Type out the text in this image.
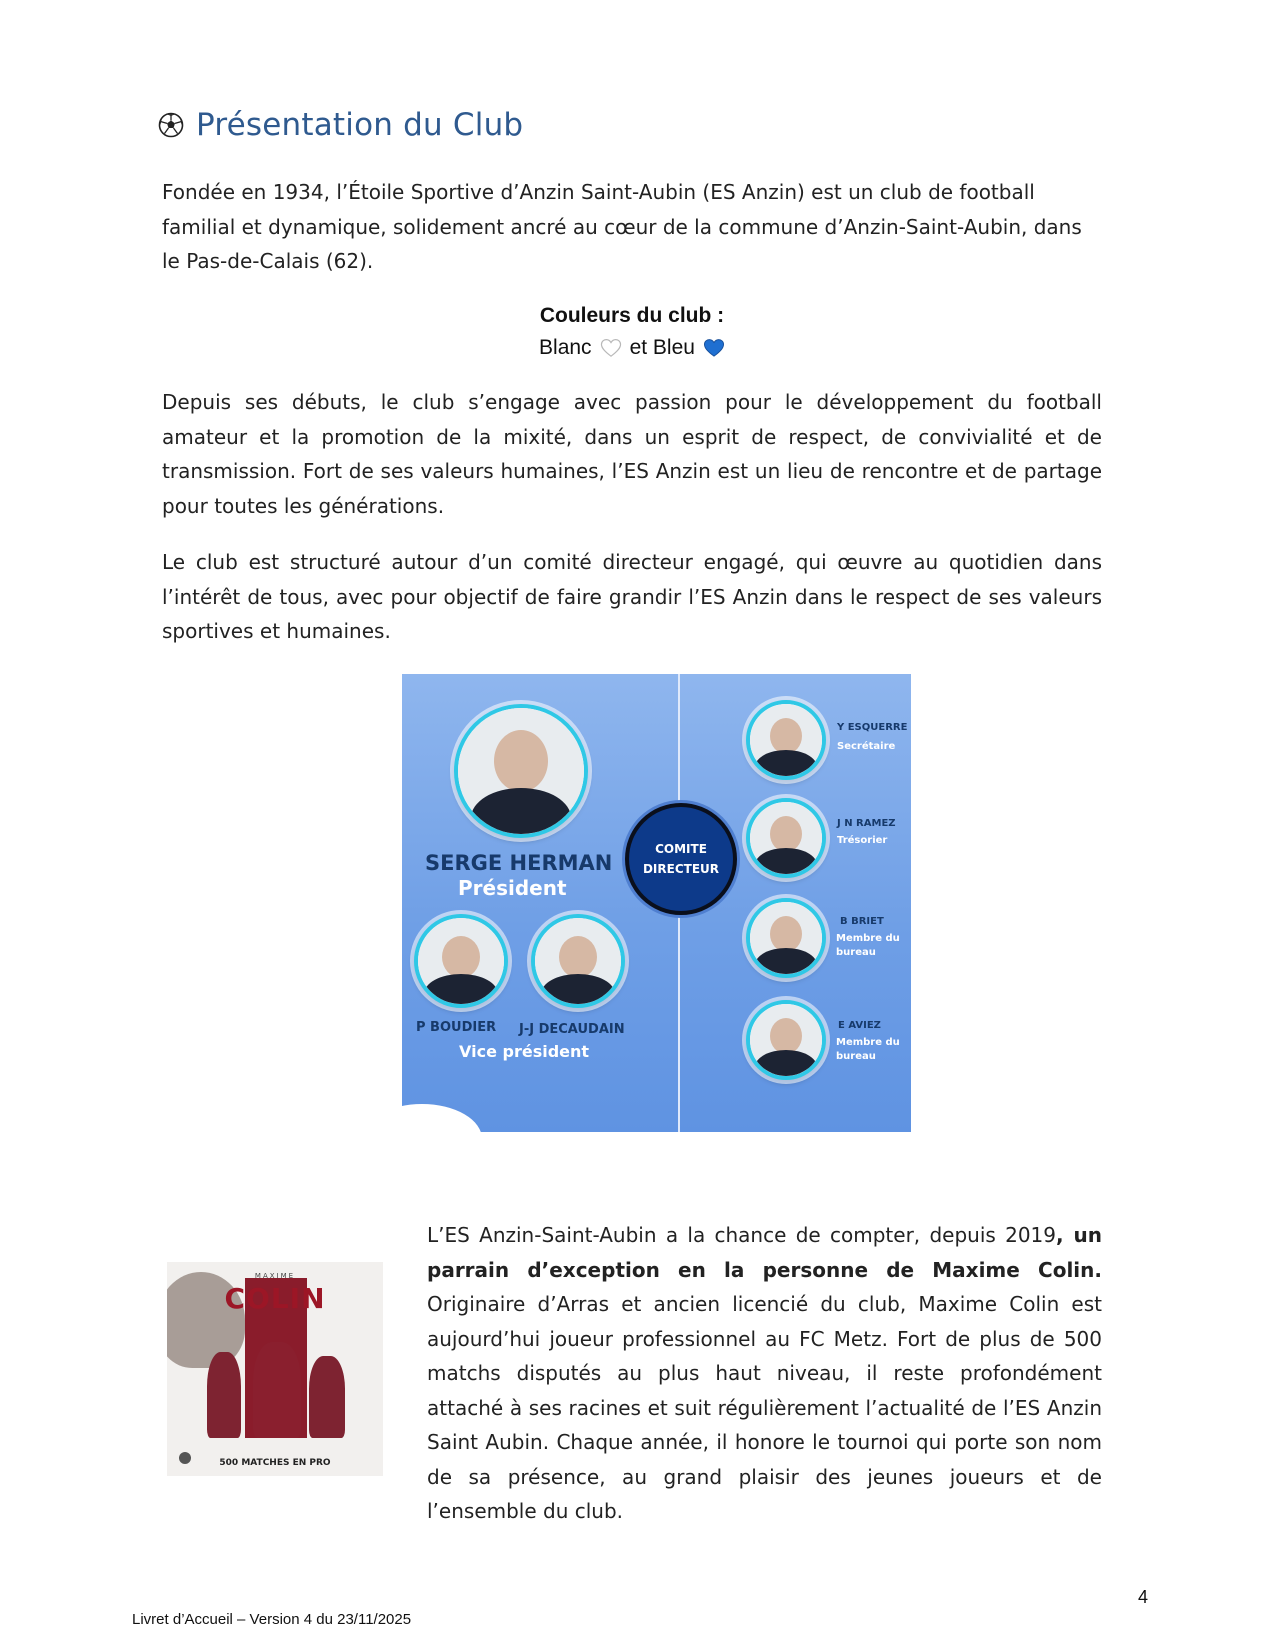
Présentation du Club

Fondée en 1934, l’Étoile Sportive d’Anzin Saint-Aubin (ES Anzin) est un club de football familial et dynamique, solidement ancré au cœur de la commune d’Anzin-Saint-Aubin, dans le Pas-de-Calais (62).

Couleurs du club :
Blanc et Bleu

Depuis ses débuts, le club s’engage avec passion pour le développement du football amateur et la promotion de la mixité, dans un esprit de respect, de convivialité et de transmission. Fort de ses valeurs humaines, l’ES Anzin est un lieu de rencontre et de partage pour toutes les générations.

Le club est structuré autour d’un comité directeur engagé, qui œuvre au quotidien dans l’intérêt de tous, avec pour objectif de faire grandir l’ES Anzin dans le respect de ses valeurs sportives et humaines.

SERGE HERMAN
Président
P BOUDIER J-J DECAUDAIN
Vice président
COMITE
DIRECTEUR
Y ESQUERRE
Secrétaire
J N RAMEZ
Trésorier
B BRIET
Membre du bureau
E AVIEZ
Membre du bureau
MAXIME
COLIN
500 MATCHES EN PRO

L’ES Anzin-Saint-Aubin a la chance de compter, depuis 2019, un parrain d’exception en la personne de Maxime Colin. Originaire d’Arras et ancien licencié du club, Maxime Colin est aujourd’hui joueur professionnel au FC Metz. Fort de plus de 500 matchs disputés au plus haut niveau, il reste profondément attaché à ses racines et suit régulièrement l’actualité de l’ES Anzin Saint Aubin. Chaque année, il honore le tournoi qui porte son nom de sa présence, au grand plaisir des jeunes joueurs et de l’ensemble du club.

4
Livret d’Accueil – Version 4 du 23/11/2025
